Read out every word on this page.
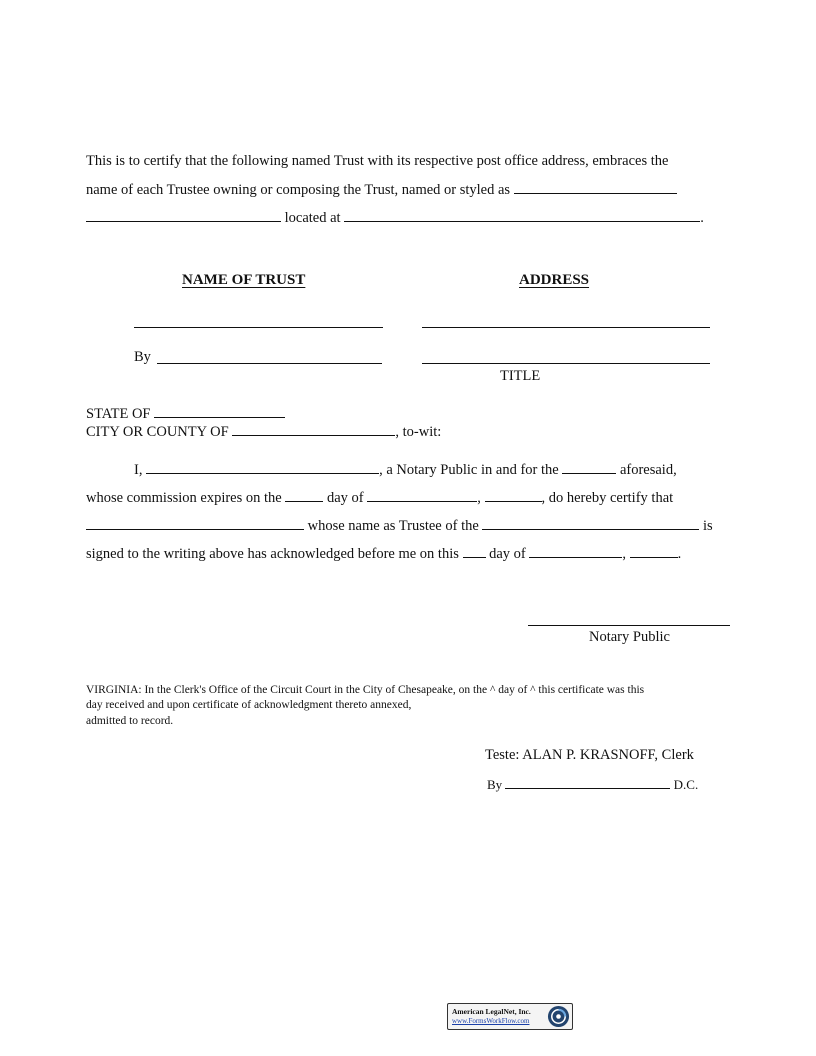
This is to certify that the following named Trust with its respective post office address, embraces the
name of each Trustee owning or composing the Trust, named or styled as
located at	.
NAME OF TRUST	ADDRESS
By
TITLE
STATE OF
CITY OR COUNTY OF	, to-wit:
I,	, a Notary Public in and for the	aforesaid,
whose commission expires on the	day of	,	, do hereby certify that
whose name as Trustee of the	is
signed to the writing above has acknowledged before me on this day of	,	.
Notary Public
VIRGINIA: In the Clerk's Office of the Circuit Court in the City of Chesapeake, on the ^ day of ^ this certificate was this
day received and upon certificate of acknowledgment thereto annexed,
admitted to record.
Teste: ALAN P. KRASNOFF, Clerk
By	D.C.
American LegalNet, Inc.
www.FormsWorkFlow.com
